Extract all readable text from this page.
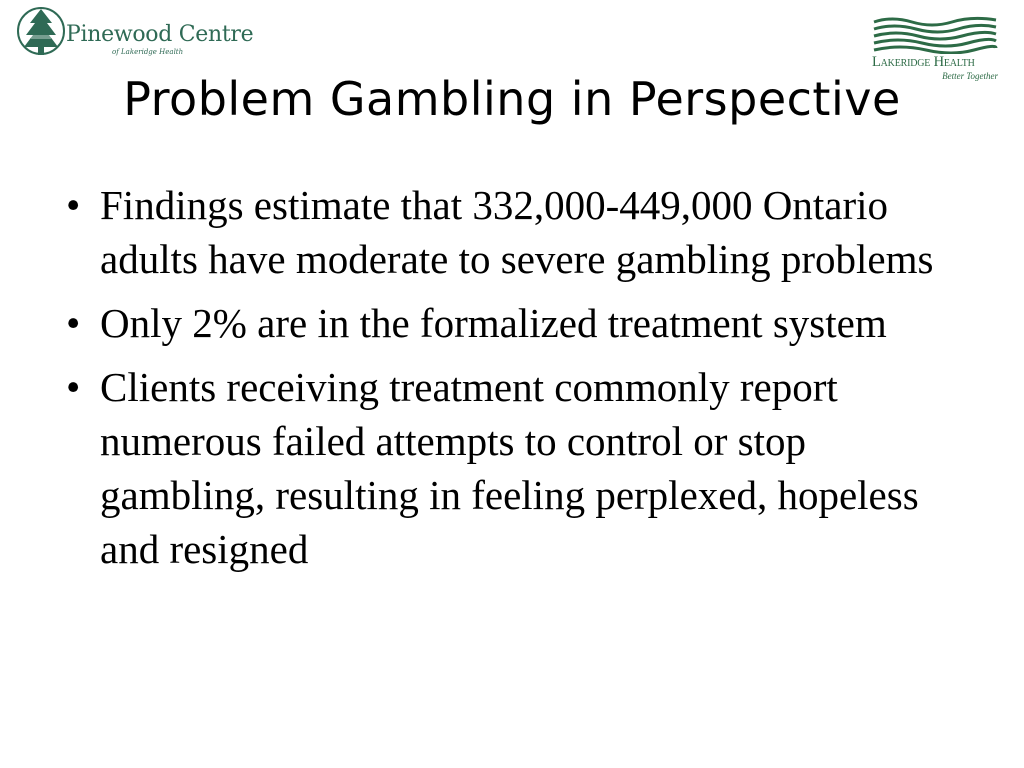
Pinewood Centre
of Lakeridge Health
Lakeridge Health
Better Together
Problem Gambling in Perspective
• Findings estimate that 332,000-449,000 Ontario adults have moderate to severe gambling problems
• Only 2% are in the formalized treatment system
• Clients receiving treatment commonly report numerous failed attempts to control or stop gambling, resulting in feeling perplexed, hopeless and resigned
